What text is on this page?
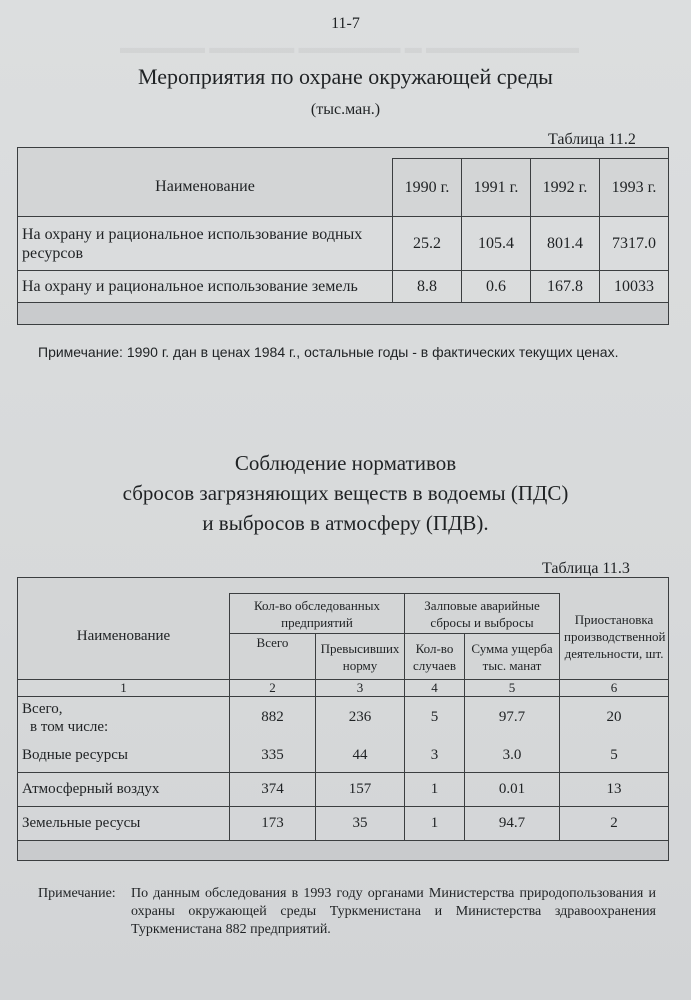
▬▬▬▬▬ ▬▬▬▬▬ ▬▬▬▬▬▬ ▬ ▬▬▬▬▬▬▬▬▬
11-7
Мероприятия по охране окружающей среды
(тыс.ман.)
Таблица 11.2

Наименование	1990 г.	1991 г.	1992 г.	1993 г.
На охрану и рациональное использование водных ресурсов	25.2	105.4	801.4	7317.0
На охрану и рациональное использование земель	8.8	0.6	167.8	10033

Примечание: 1990 г. дан в ценах 1984 г., остальные годы - в фактических текущих ценах.
Соблюдение нормативов
сбросов загрязняющих веществ в водоемы (ПДС)
и выбросов в атмосферу (ПДВ).
Таблица 11.3

Наименование	Кол-во обследованных предприятий		Залповые аварийные сбросы и выбросы		Приостановка производственной деятельности, шт.
	Всего	Превысивших норму	Кол-во случаев	Сумма ущерба тыс. манат	
1	2	3	4	5	6

Всего,
в том числе:	882	236	5	97.7	20
Водные ресурсы	335	44	3	3.0	5
Атмосферный воздух	374	157	1	0.01	13
Земельные ресусы	173	35	1	94.7	2

Примечание: По данным обследования в 1993 году органами Министерства природопользования и охраны окружающей среды Туркменистана и Министерства здравоохранения Туркменистана 882 предприятий.
